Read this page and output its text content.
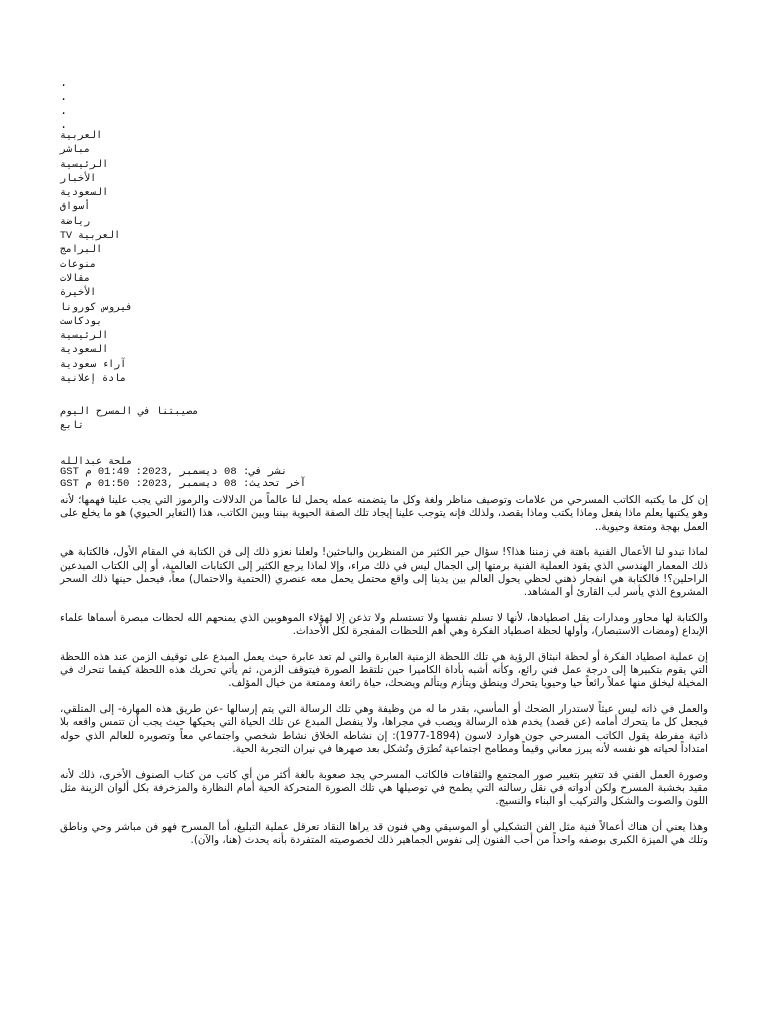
.
.
.
.
العربية
مباشر
الرئيسية
الأخبار
السعودية
أسواق
رياضة
العربية TV
البرامج
منوعات
مقالات
الأخيرة
فيروس كورونا
بودكاست
الرئيسية
السعودية
آراء سعودية
مادة إعلانية
مصيبتنا في المسرح اليوم
تابع
ملحة عبدالله
نشر في: 08 ديسمبر ,2023: 01:49 م GST
آخر تحديث: 08 ديسمبر ,2023: 01:50 م GST

إن كل ما يكتبه الكاتب المسرحي من علامات وتوصيف مناظر ولغة وكل ما يتضمنه عمله يحمل لنا عالماً من الدلالات والرموز التي يجب علينا فهمها؛ لأنه وهو يكتبها يعلم ماذا يفعل وماذا يكتب وماذا يقصد، ولذلك فإنه يتوجب علينا إيجاد تلك الصفة الحيوية بيننا وبين الكاتب، هذا (التغاير الحيوي) هو ما يخلع على العمل بهجة ومتعة وحيوية..

لماذا تبدو لنا الأعمال الفنية باهتة في زمننا هذا؟! سؤال حير الكثير من المنظرين والباحثين! ولعلنا نعزو ذلك إلى فن الكتابة في المقام الأول، فالكتابة هي ذلك المعمار الهندسي الذي يقود العملية الفنية برمتها إلى الجمال ليس في ذلك مراء، وإلا لماذا يرجع الكثير إلى الكتابات العالمية، أو إلى الكتاب المبدعين الراحلين؟! فالكتابة هي انفجار ذهني لحظي يحول العالم بين يدينا إلى واقع محتمل يحمل معه عنصري (الحتمية والاحتمال) معاً، فيحمل حينها ذلك السحر المشروع الذي يأسر لب القارئ أو المشاهد.

والكتابة لها محاور ومدارات يقل اصطيادها، لأنها لا تسلم نفسها ولا تستسلم ولا تذعن إلا لهؤلاء الموهوبين الذي يمنحهم الله لحظات مبصرة أسماها علماء الإبداع (ومضات الاستبصار)، وأولها لحظة اصطياد الفكرة وهي أهم اللحظات المفجرة لكل الأحداث.

إن عملية اصطياد الفكرة أو لحظة انبثاق الرؤية هي تلك اللحظة الزمنية العابرة والتي لم تعد عابرة حيث يعمل المبدع على توقيف الزمن عند هذه اللحظة التي يقوم بتكبيرها إلى درجة عمل فني رائع، وكأنه أشبه بأداة الكاميرا حين تلتقط الصورة فيتوقف الزمن، ثم يأتي تحريك هذه اللحظة كيفما تتحرك في المخيلة ليخلق منها عملاً رائعاً حيا وحيويا يتحرك وينطق ويتأزم ويتألم ويضحك، حياة رائعة وممتعة من خيال المؤلف.

والعمل في ذاته ليس عبثاً لاستدرار الضحك أو المأسي، بقدر ما له من وظيفة وهي تلك الرسالة التي يتم إرسالها -عن طريق هذه المهارة- إلى المتلقي، فيجعل كل ما يتحرك أمامه (عن قصد) يخدم هذه الرسالة ويصب في مجراها، ولا ينفصل المبدع عن تلك الحياة التي يحيكها حيث يجب أن تتمس واقعه بلا ذاتية مفرطة يقول الكاتب المسرحي جون هوارد لاسون (1894-1977): إن نشاطه الخلاق نشاط شخصي واجتماعي معاً وتصويره للعالم الذي حوله امتداداً لحياته هو نفسه لأنه يبرز معاني وقيماً ومطامح اجتماعية تُطرَق وتُشكل بعد صهرها في نيران التجربة الحية.

وصورة العمل الفني قد تتغير بتغيير صور المجتمع والثقافات فالكاتب المسرحي يجد صعوبة بالغة أكثر من أي كاتب من كتاب الصنوف الأخرى، ذلك لأنه مقيد بخشبة المسرح ولكن أدواته في نقل رسالته التي يطمح في توصيلها هي تلك الصورة المتحركة الحية أمام النظارة والمزخرفة بكل ألوان الزينة مثل اللون والصوت والشكل والتركيب أو البناء والنسيج.

وهذا يعني أن هناك أعمالاً فنية مثل الفن التشكيلي أو الموسيقي وهي فنون قد يراها النقاد تعرقل عملية التبليغ، أما المسرح فهو فن مباشر وحي وناطق وتلك هي الميزة الكبرى بوصفه واحداً من أحب الفنون إلى نفوس الجماهير ذلك لخصوصيته المتفردة بأنه يحدث (هنا، والآن).
